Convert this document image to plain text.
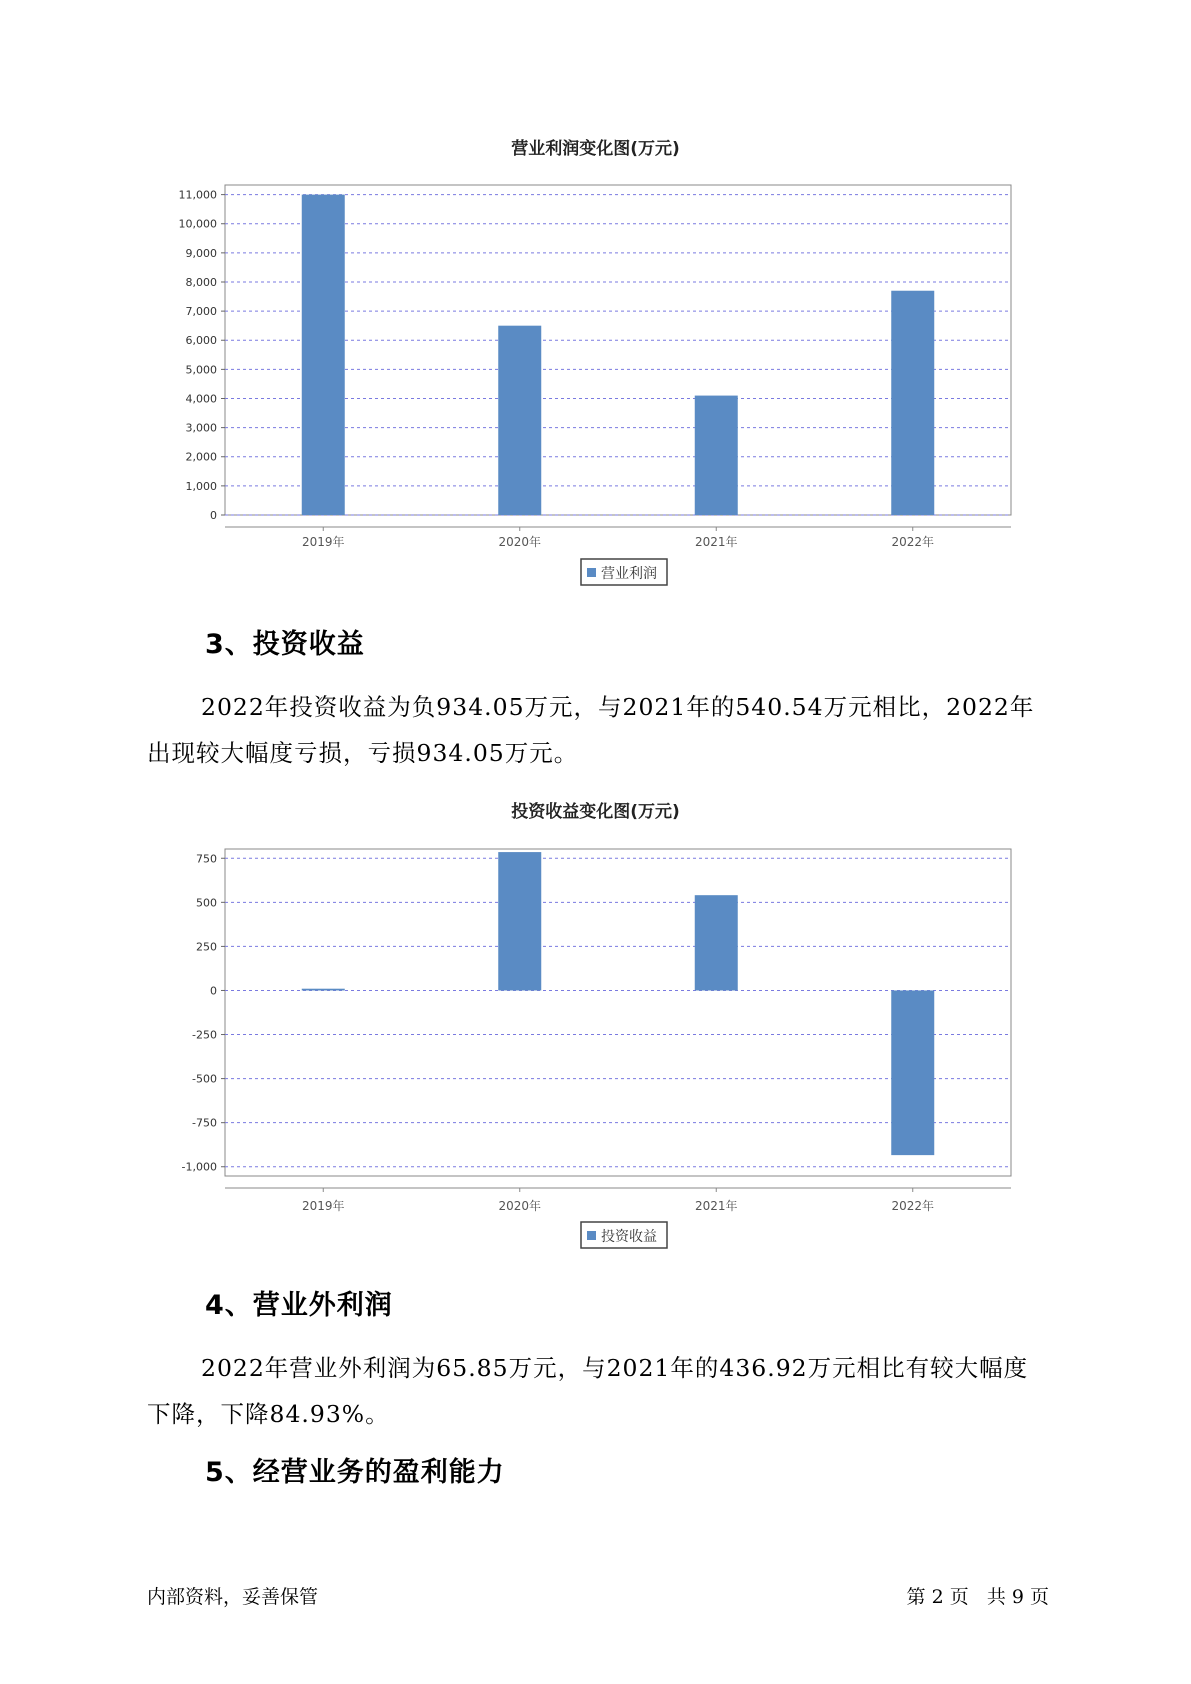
营业利润变化图(万元)
0
1,000
2,000
3,000
4,000
5,000
6,000
7,000
8,000
9,000
10,000
11,000
2019年	2020年	2021年	2022年
营业利润
3、投资收益

2022年投资收益为负934.05万元，与2021年的540.54万元相比，2022年出现较大幅度亏损，亏损934.05万元。

投资收益变化图(万元)
-1,000
-750
-500
-250
0
250
500
750
2019年	2020年	2021年	2022年
投资收益
4、营业外利润

2022年营业外利润为65.85万元，与2021年的436.92万元相比有较大幅度下降，下降84.93%。

5、经营业务的盈利能力
内部资料，妥善保管	第 2 页   共 9 页
